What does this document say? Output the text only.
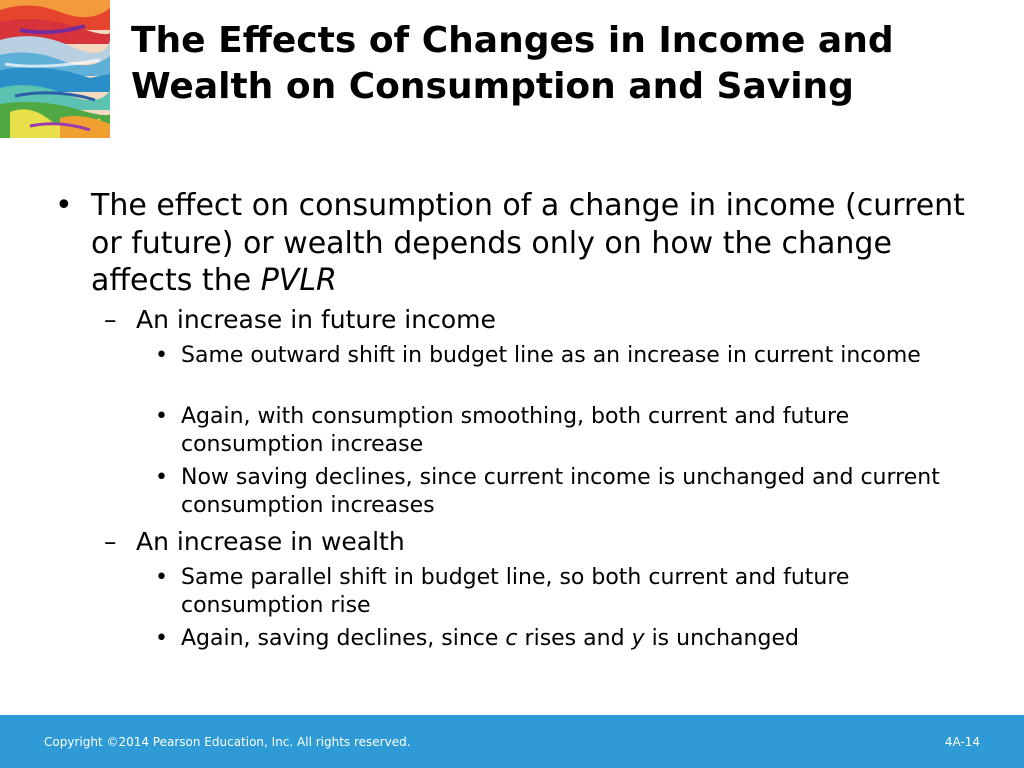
The Effects of Changes in Income and
Wealth on Consumption and Saving
• The effect on consumption of a change in income (current or future) or wealth depends only on how the change affects the PVLR
– An increase in future income
• Same outward shift in budget line as an increase in current income
• Again, with consumption smoothing, both current and future consumption increase
• Now saving declines, since current income is unchanged and current consumption increases
– An increase in wealth
• Same parallel shift in budget line, so both current and future consumption rise
• Again, saving declines, since c rises and y is unchanged
Copyright ©2014 Pearson Education, Inc. All rights reserved.	4A-14
